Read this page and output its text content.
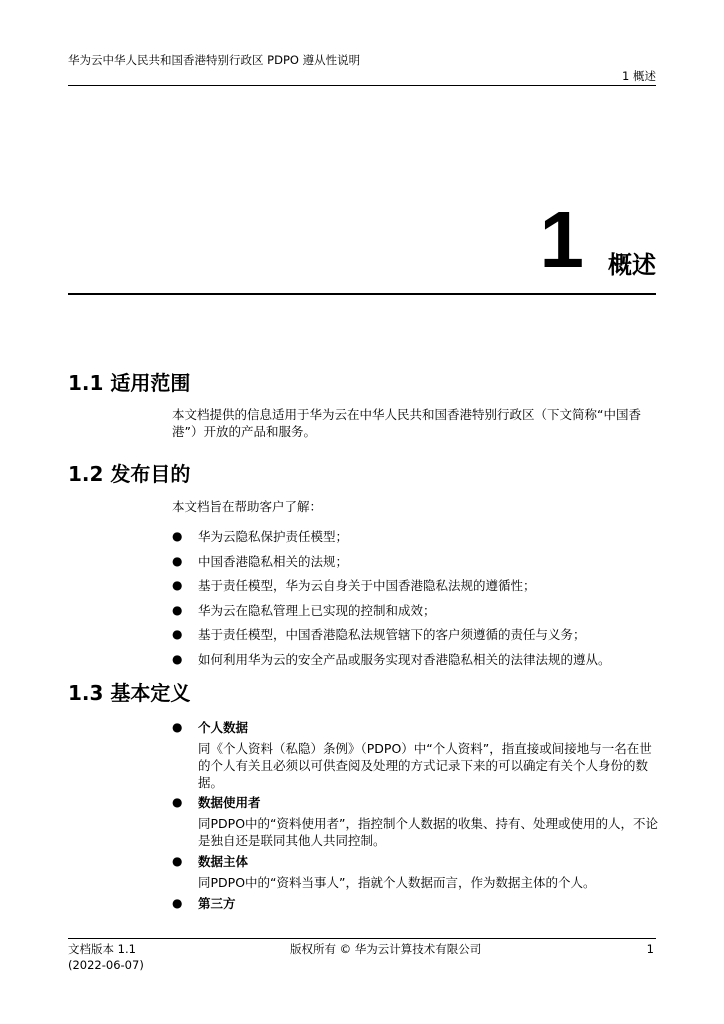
华为云中华人民共和国香港特别行政区 PDPO 遵从性说明
1 概述
1 概述
1.1 适用范围
本文档提供的信息适用于华为云在中华人民共和国香港特别行政区（下文简称“中国香港”）开放的产品和服务。
1.2 发布目的
本文档旨在帮助客户了解：
● 华为云隐私保护责任模型；
● 中国香港隐私相关的法规；
● 基于责任模型，华为云自身关于中国香港隐私法规的遵循性；
● 华为云在隐私管理上已实现的控制和成效；
● 基于责任模型，中国香港隐私法规管辖下的客户须遵循的责任与义务；
● 如何利用华为云的安全产品或服务实现对香港隐私相关的法律法规的遵从。
1.3 基本定义
● 个人数据
同《个人资料（私隐）条例》（PDPO）中“个人资料”，指直接或间接地与一名在世的个人有关且必须以可供查阅及处理的方式记录下来的可以确定有关个人身份的数据。
● 数据使用者
同PDPO中的“资料使用者”，指控制个人数据的收集、持有、处理或使用的人，不论是独自还是联同其他人共同控制。
● 数据主体
同PDPO中的“资料当事人”，指就个人数据而言，作为数据主体的个人。
● 第三方
文档版本 1.1
(2022-06-07)
版权所有 © 华为云计算技术有限公司	1
